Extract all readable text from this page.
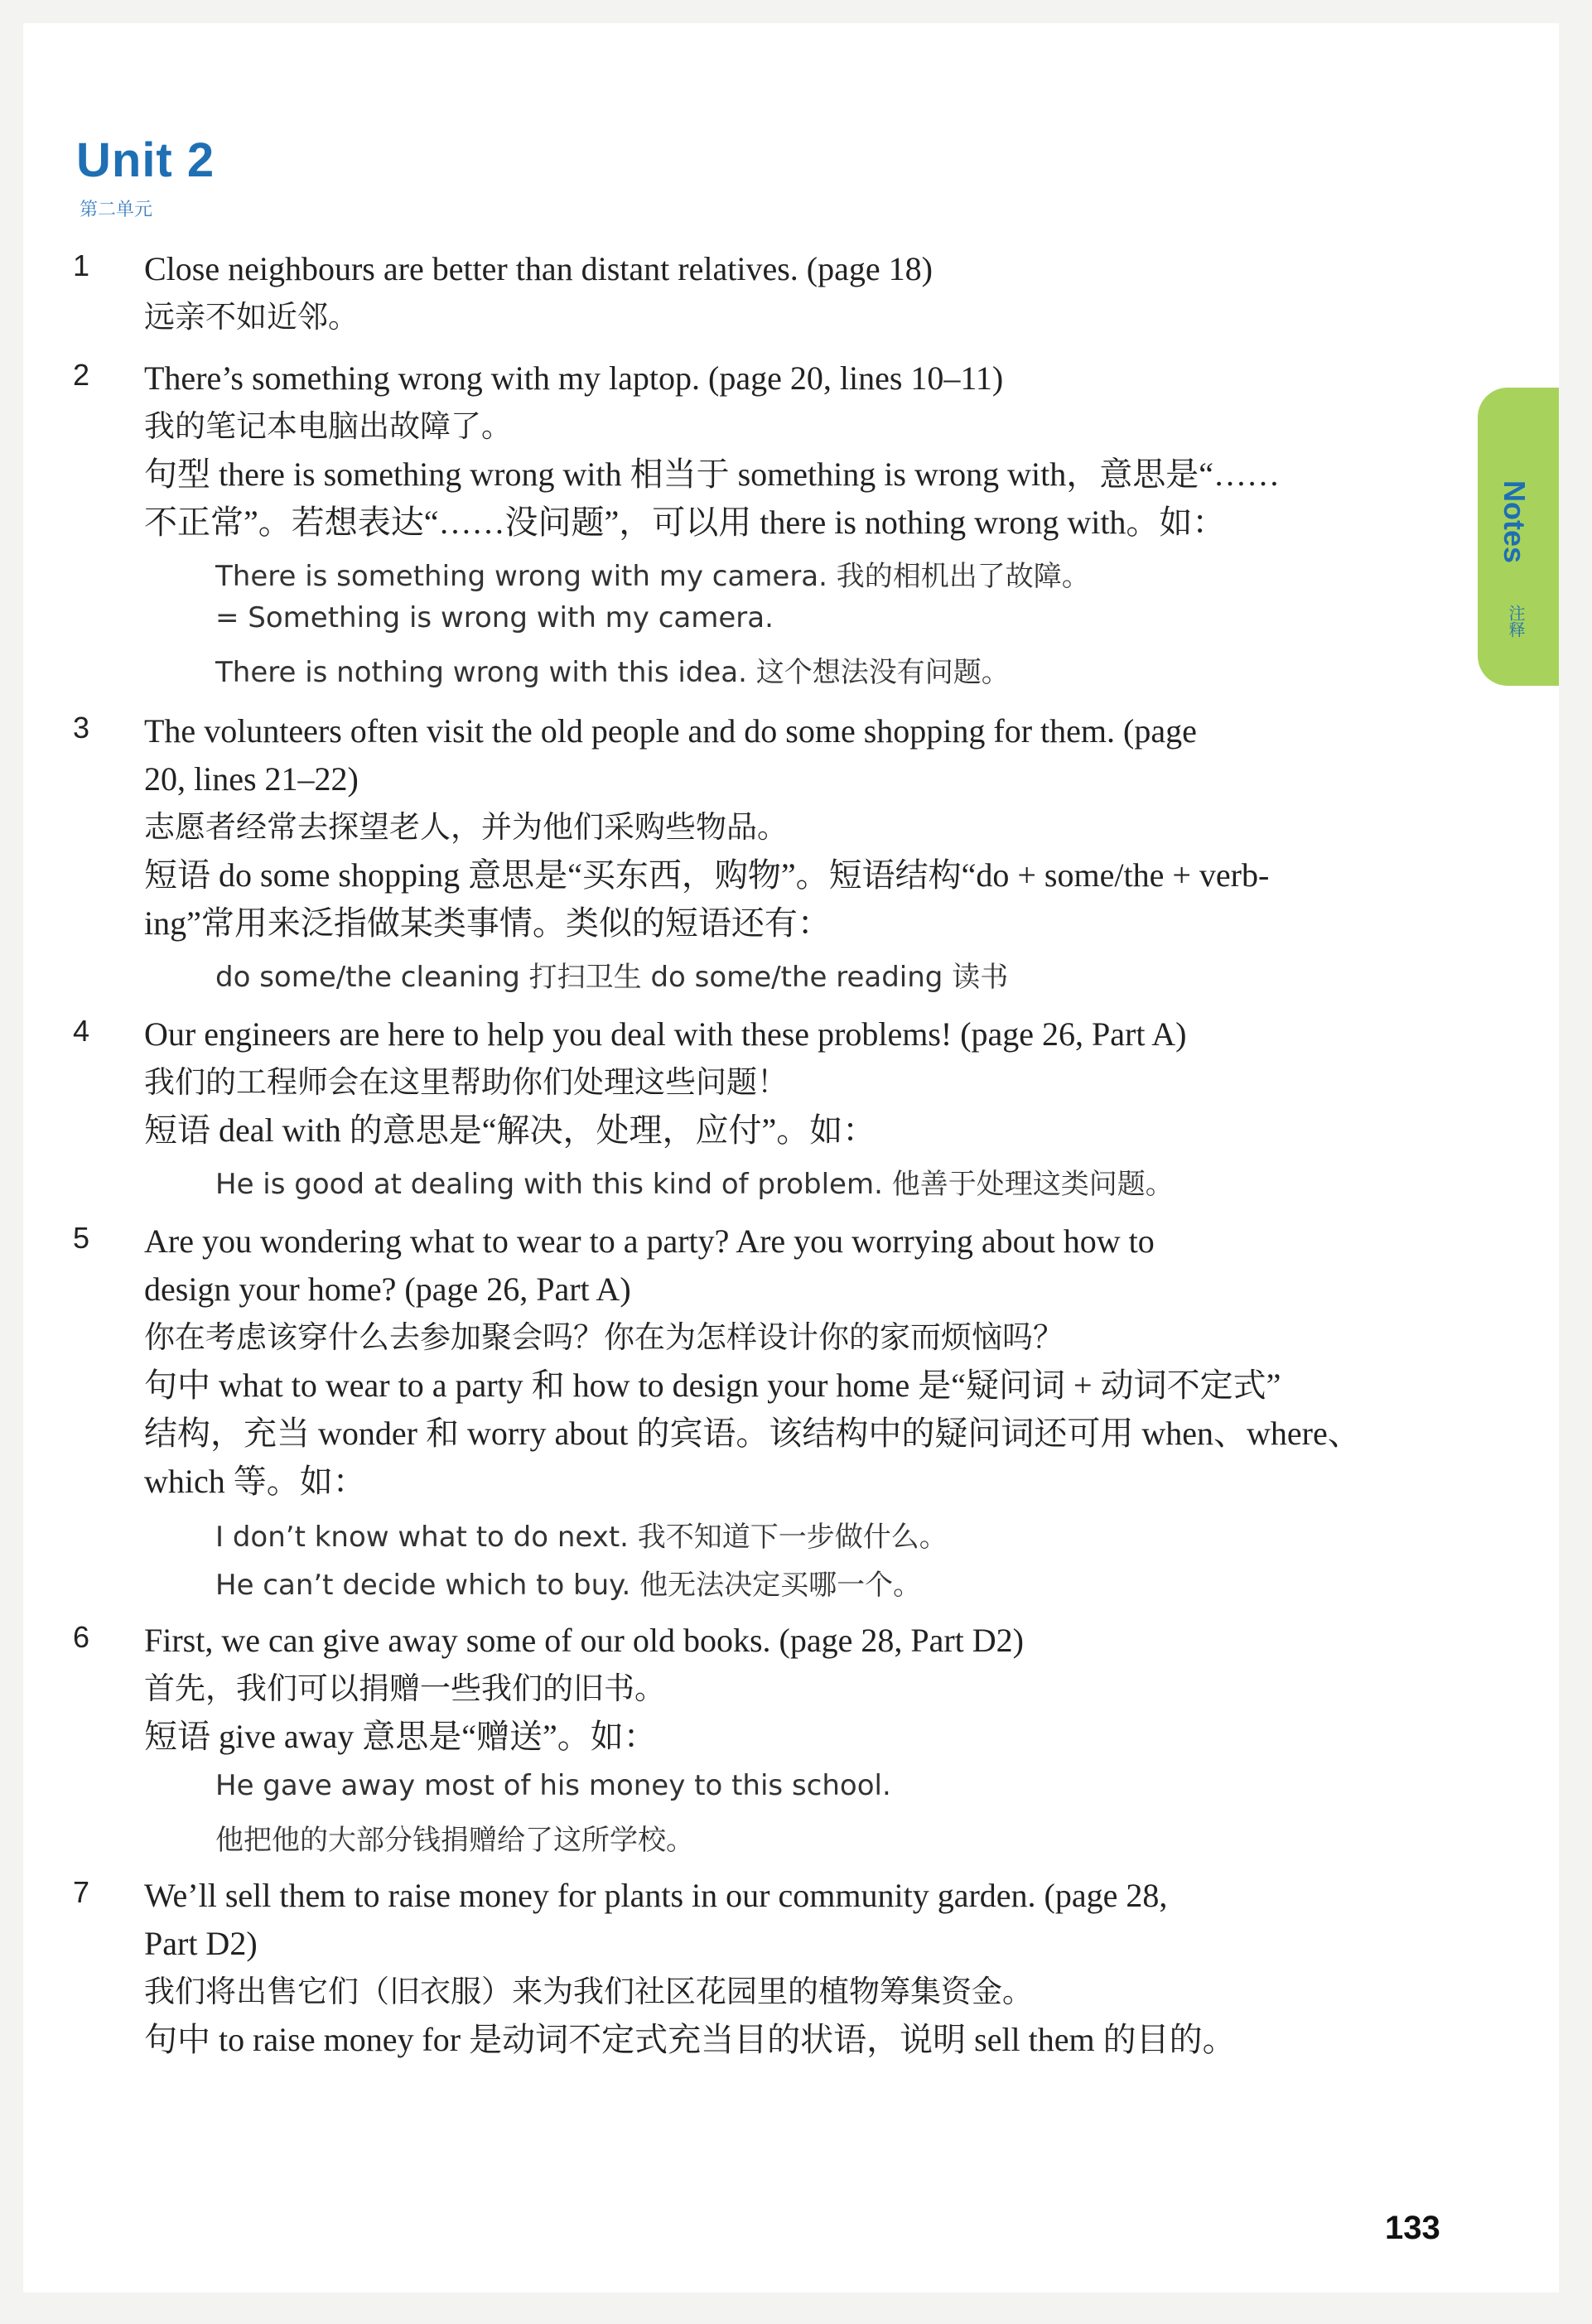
Unit 2
第二单元
Notes
注释
1 Close neighbours are better than distant relatives. (page 18)
远亲不如近邻。
2 There’s something wrong with my laptop. (page 20, lines 10–11)
我的笔记本电脑出故障了。
句型 there is something wrong with 相当于 something is wrong with，意思是“……
不正常”。若想表达“……没问题”，可以用 there is nothing wrong with。如：
There is something wrong with my camera. 我的相机出了故障。
= Something is wrong with my camera.
There is nothing wrong with this idea. 这个想法没有问题。
3 The volunteers often visit the old people and do some shopping for them. (page
20, lines 21–22)
志愿者经常去探望老人，并为他们采购些物品。
短语 do some shopping 意思是“买东西，购物”。短语结构“do + some/the + verb-
ing”常用来泛指做某类事情。类似的短语还有：
do some/the cleaning 打扫卫生 do some/the reading 读书
4 Our engineers are here to help you deal with these problems! (page 26, Part A)
我们的工程师会在这里帮助你们处理这些问题！
短语 deal with 的意思是“解决，处理，应付”。如：
He is good at dealing with this kind of problem. 他善于处理这类问题。
5 Are you wondering what to wear to a party? Are you worrying about how to
design your home? (page 26, Part A)
你在考虑该穿什么去参加聚会吗？你在为怎样设计你的家而烦恼吗？
句中 what to wear to a party 和 how to design your home 是“疑问词 + 动词不定式”
结构，充当 wonder 和 worry about 的宾语。该结构中的疑问词还可用 when、where、
which 等。如：
I don’t know what to do next. 我不知道下一步做什么。
He can’t decide which to buy. 他无法决定买哪一个。
6 First, we can give away some of our old books. (page 28, Part D2)
首先，我们可以捐赠一些我们的旧书。
短语 give away 意思是“赠送”。如：
He gave away most of his money to this school.
他把他的大部分钱捐赠给了这所学校。
7 We’ll sell them to raise money for plants in our community garden. (page 28,
Part D2)
我们将出售它们（旧衣服）来为我们社区花园里的植物筹集资金。
句中 to raise money for 是动词不定式充当目的状语，说明 sell them 的目的。
133
